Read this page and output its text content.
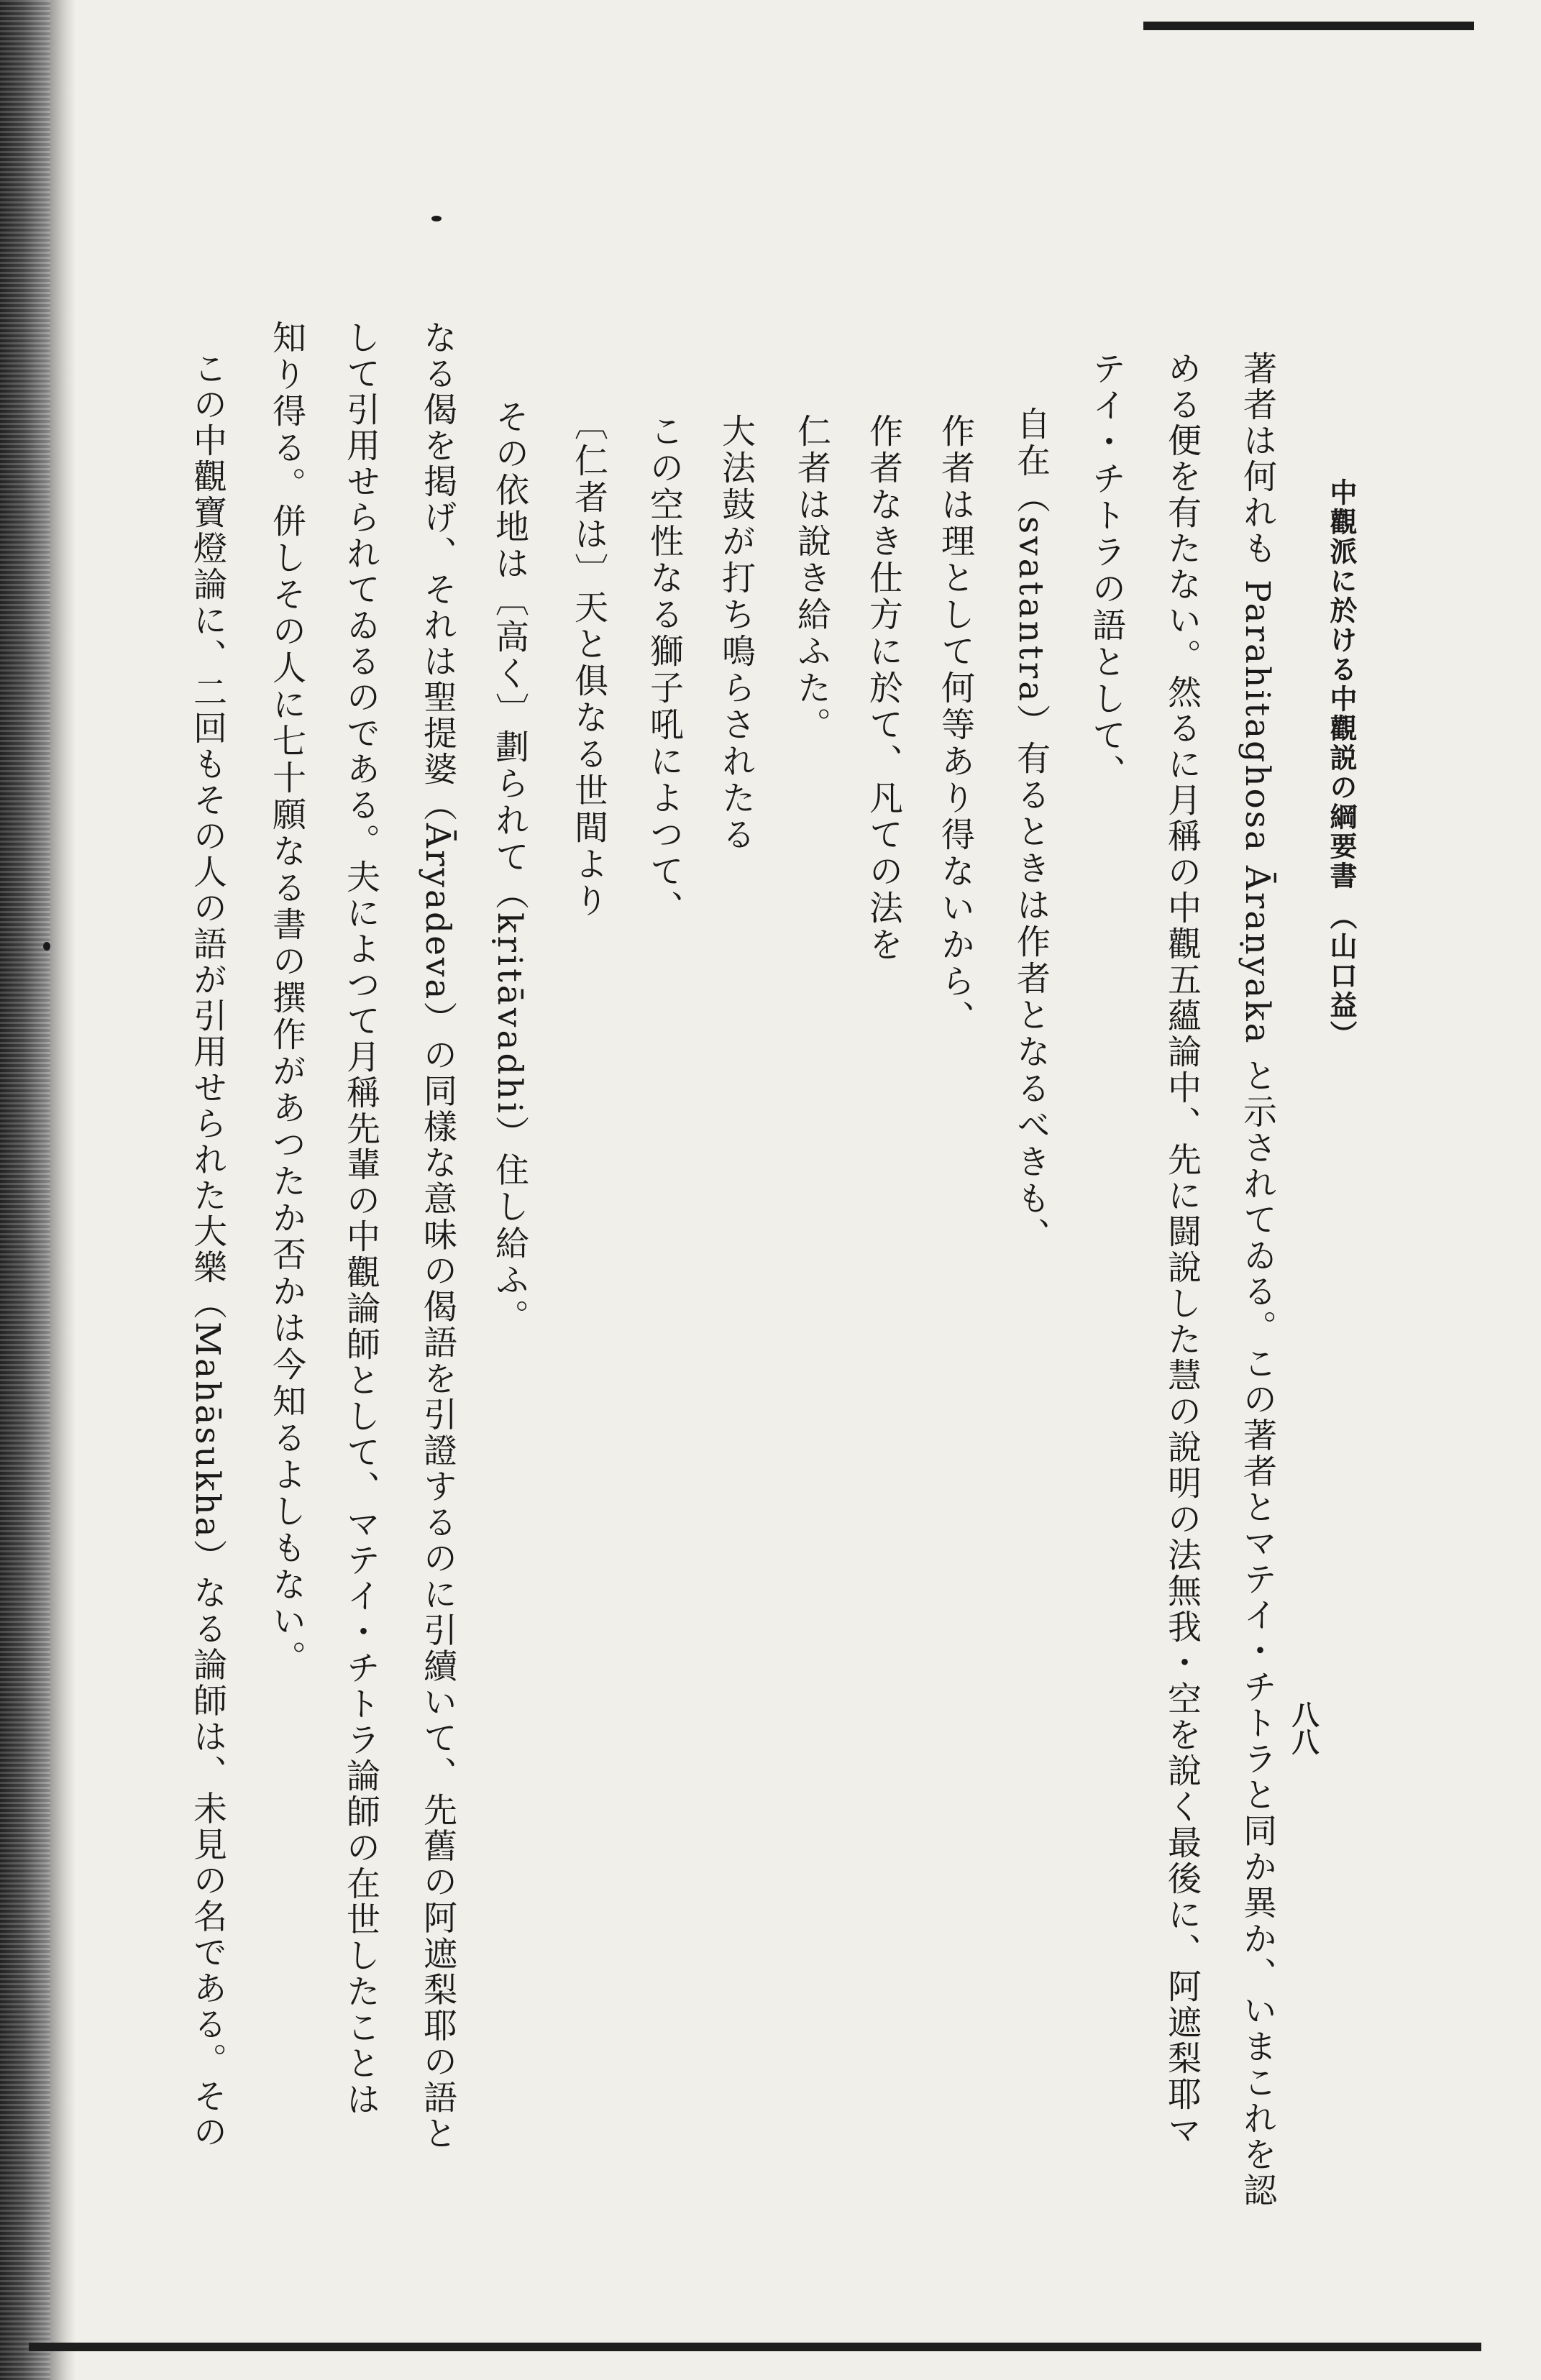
中觀派に於ける中觀説の綱要書 （山口益）
八八
著者は何れも Parahitaghosa Āraṇyaka と示されてゐる。この著者とマテイ・チトラと同か異か、いまこれを認
める便を有たない。然るに月稱の中觀五蘊論中、先に闘說した慧の說明の法無我・空を說く最後に、阿遮梨耶マ
テイ・チトラの語として、
自在（svatantra）有るときは作者となるべきも、
作者は理として何等あり得ないから、
作者なき仕方に於て、凡ての法を
仁者は說き給ふた。
大法鼓が打ち鳴らされたる
この空性なる獅子吼によつて、
〔仁者は〕天と俱なる世間より
その依地は〔高く〕劃られて（kṛitāvadhi）住し給ふ。
なる偈を掲げ、それは聖提婆（Āryadeva）の同樣な意味の偈語を引證するのに引續いて、先舊の阿遮梨耶の語と
して引用せられてゐるのである。夫によつて月稱先輩の中觀論師として、マテイ・チトラ論師の在世したことは
知り得る。併しその人に七十願なる書の撰作があつたか否かは今知るよしもない。
この中觀寶燈論に、二回もその人の語が引用せられた大樂（Mahāsukha）なる論師は、未見の名である。その
